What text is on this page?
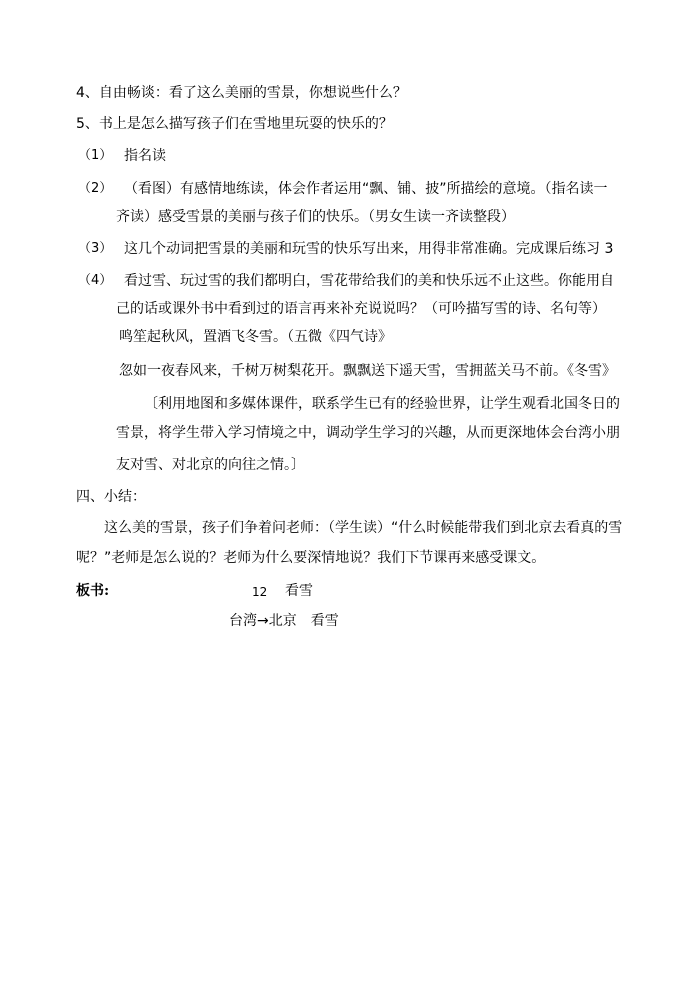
4、自由畅谈：看了这么美丽的雪景，你想说些什么？
5、书上是怎么描写孩子们在雪地里玩耍的快乐的？
（1） 指名读
（2） （看图）有感情地练读，体会作者运用“飘、铺、披”所描绘的意境。（指名读一
齐读）感受雪景的美丽与孩子们的快乐。（男女生读一齐读整段）
（3） 这几个动词把雪景的美丽和玩雪的快乐写出来，用得非常准确。完成课后练习 3
（4） 看过雪、玩过雪的我们都明白，雪花带给我们的美和快乐远不止这些。你能用自
己的话或课外书中看到过的语言再来补充说说吗？（可吟描写雪的诗、名句等）
鸣笙起秋风，置酒飞冬雪。（五微《四气诗》
忽如一夜春风来，千树万树梨花开。飘飘送下遥天雪，雪拥蓝关马不前。《冬雪》
〔利用地图和多媒体课件，联系学生已有的经验世界，让学生观看北国冬日的
雪景，将学生带入学习情境之中，调动学生学习的兴趣，从而更深地体会台湾小朋
友对雪、对北京的向往之情。〕
四、小结：
这么美的雪景，孩子们争着问老师：（学生读）“什么时候能带我们到北京去看真的雪
呢？”老师是怎么说的？老师为什么要深情地说？我们下节课再来感受课文。
板书:	12 看雪
台湾→北京　看雪
